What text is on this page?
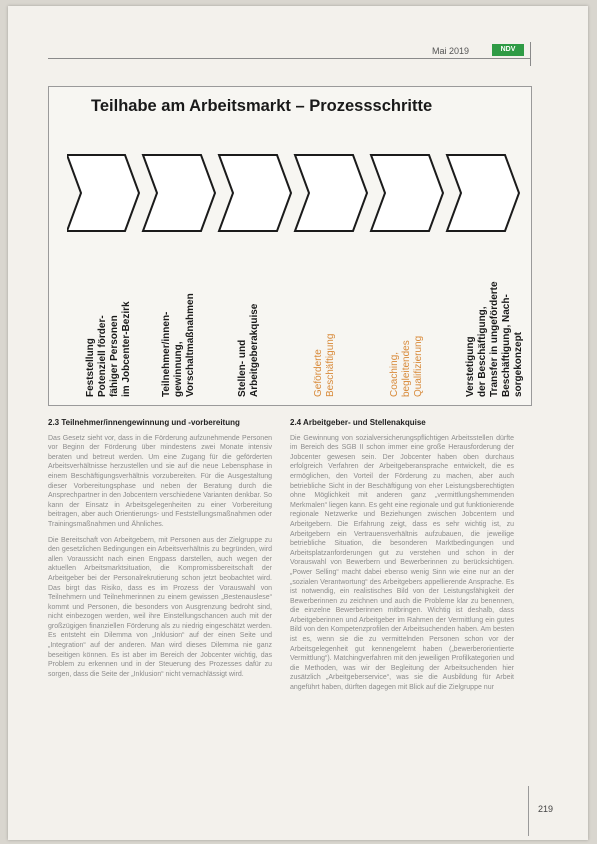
Mai 2019	NDV
Teilhabe am Arbeitsmarkt – Prozessschritte
Feststellung Potenziell förder- fähiger Personen im Jobcenter-Bezirk	Teilnehmer/innen- gewinnung, Vorschaltmaßnahmen	Stellen- und Arbeitgeberakquise	Geförderte Beschäftigung	Coaching, begleitendes Qualifizierung	Verstetigung der Beschäftigung, Transfer in ungeförderte Beschäftigung, Nach- sorgekonzept
2.3 Teilnehmer/innengewinnung und -vorbereitung

Das Gesetz sieht vor, dass in die Förderung aufzunehmende Personen vor Beginn der Förderung über mindestens zwei Monate intensiv beraten und betreut werden. Um eine Zugang für die geförderten Arbeitsverhältnisse herzustellen und sie auf die neue Lebensphase in einem Beschäftigungsverhältnis vorzubereiten. Für die Ausgestaltung dieser Vorbereitungsphase und neben der Beratung durch die Ansprechpartner in den Jobcentern verschiedene Varianten denkbar. So kann der Einsatz in Arbeitsgelegenheiten zu einer Vorbereitung beitragen, aber auch Orientierungs- und Feststellungsmaßnahmen oder Trainingsmaßnahmen und Ähnliches.

Die Bereitschaft von Arbeitgebern, mit Personen aus der Zielgruppe zu den gesetzlichen Bedingungen ein Arbeitsverhältnis zu begründen, wird allen Voraussicht nach einen Engpass darstellen, auch wegen der aktuellen Arbeitsmarktsituation, die Kompromissbereitschaft der Arbeitgeber bei der Personalrekrutierung schon jetzt beobachtet wird. Das birgt das Risiko, dass es im Prozess der Vorauswahl von Teilnehmern und Teilnehmerinnen zu einem gewissen „Bestenauslese“ kommt und Personen, die besonders von Ausgrenzung bedroht sind, nicht einbezogen werden, weil ihre Einstellungschancen auch mit der großzügigen finanziellen Förderung als zu niedrig eingeschätzt werden. Es entsteht ein Dilemma von „Inklusion“ auf der einen Seite und „Integration“ auf der anderen. Man wird dieses Dilemma nie ganz beseitigen können. Es ist aber im Bereich der Jobcenter wichtig, das Problem zu erkennen und in der Steuerung des Prozesses dafür zu sorgen, dass die Seite der „Inklusion“ nicht vernachlässigt wird.

2.4 Arbeitgeber- und Stellenakquise

Die Gewinnung von sozialversicherungspflichtigen Arbeitsstellen dürfte im Bereich des SGB II schon immer eine große Herausforderung der Jobcenter gewesen sein. Der Jobcenter haben oben durchaus erfolgreich Verfahren der Arbeitgeberansprache entwickelt, die es ermöglichen, den Vorteil der Förderung zu machen, aber auch betriebliche Sicht in der Beschäftigung von eher Leistungsberechtigten ohne Möglichkeit mit anderen ganz „vermittlungshemmenden Merkmalen“ liegen kann. Es geht eine regionale und gut funktionierende regionale Netzwerke und Beziehungen zwischen Jobcentern und Arbeitgebern. Die Erfahrung zeigt, dass es sehr wichtig ist, zu Arbeitgebern ein Vertrauensverhältnis aufzubauen, die jeweilige betriebliche Situation, die besonderen Marktbedingungen und Arbeitsplatzanforderungen gut zu verstehen und schon in der Vorauswahl von Bewerbern und Bewerberinnen zu berücksichtigen. „Power Selling“ macht dabei ebenso wenig Sinn wie eine nur an der „sozialen Verantwortung“ des Arbeitgebers appellierende Ansprache. Es ist notwendig, ein realistisches Bild von der Leistungsfähigkeit der Bewerberinnen zu zeichnen und auch die Probleme klar zu benennen, die einzelne Bewerberinnen mitbringen. Wichtig ist deshalb, dass Arbeitgeberinnen und Arbeitgeber im Rahmen der Vermittlung ein gutes Bild von den Kompetenzprofilen der Arbeitsuchenden haben. Am besten ist es, wenn sie die zu vermittelnden Personen schon vor der Arbeitsgelegenheit gut kennengelernt haben („bewerberorientierte Vermittlung“). Matchingverfahren mit den jeweiligen Profilkategorien und die Methoden, was wir der Begleitung der Arbeitsuchenden hier zusätzlich „Arbeitgeberservice“, was sie die Ausbildung für Arbeit angeführt haben, dürften dagegen mit Blick auf die Zielgruppe nur

219
